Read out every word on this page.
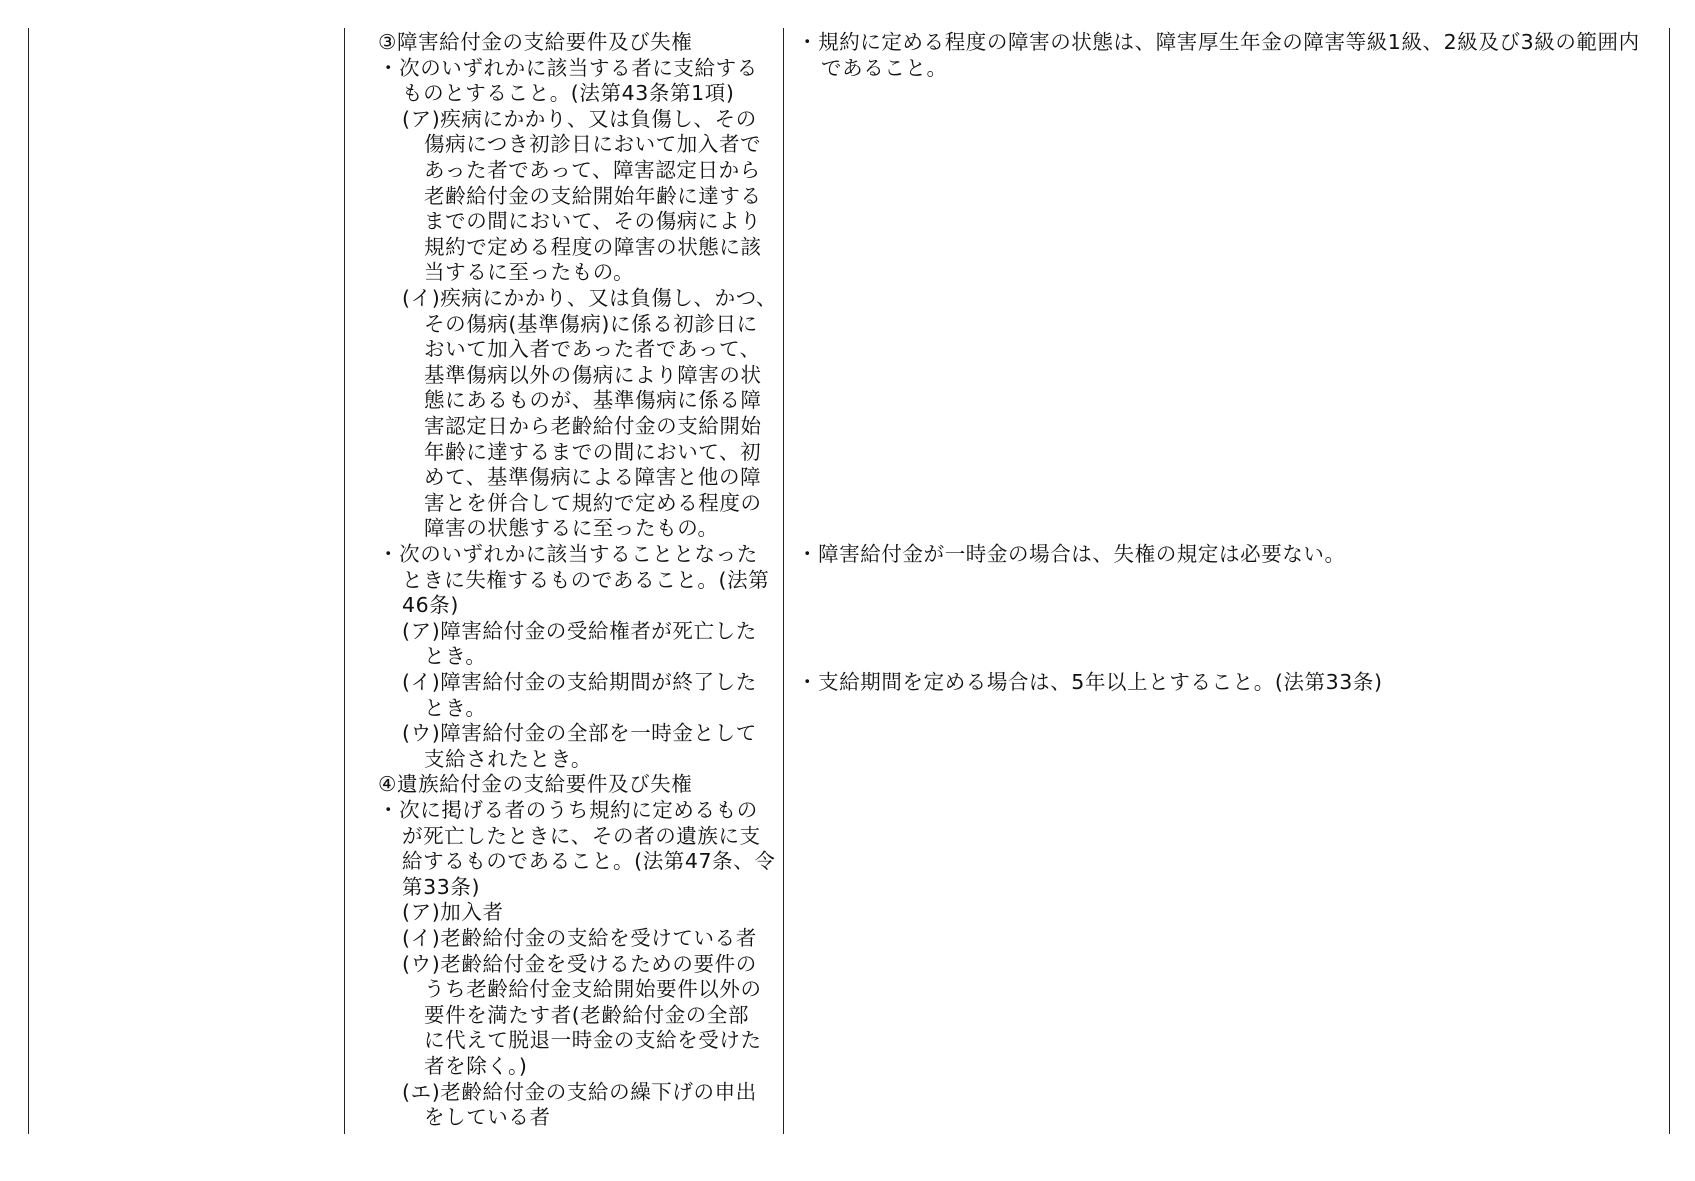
③障害給付金の支給要件及び失権
・次のいずれかに該当する者に支給する
ものとすること。(法第43条第1項)
(ア)疾病にかかり、又は負傷し、その
傷病につき初診日において加入者で
あった者であって、障害認定日から
老齢給付金の支給開始年齢に達する
までの間において、その傷病により
規約で定める程度の障害の状態に該
当するに至ったもの。
(イ)疾病にかかり、又は負傷し、かつ、
その傷病(基準傷病)に係る初診日に
おいて加入者であった者であって、
基準傷病以外の傷病により障害の状
態にあるものが、基準傷病に係る障
害認定日から老齢給付金の支給開始
年齢に達するまでの間において、初
めて、基準傷病による障害と他の障
害とを併合して規約で定める程度の
障害の状態するに至ったもの。
・次のいずれかに該当することとなった
ときに失権するものであること。(法第
46条)
(ア)障害給付金の受給権者が死亡した
とき。
(イ)障害給付金の支給期間が終了した
とき。
(ウ)障害給付金の全部を一時金として
支給されたとき。
④遺族給付金の支給要件及び失権
・次に掲げる者のうち規約に定めるもの
が死亡したときに、その者の遺族に支
給するものであること。(法第47条、令
第33条)
(ア)加入者
(イ)老齢給付金の支給を受けている者
(ウ)老齢給付金を受けるための要件の
うち老齢給付金支給開始要件以外の
要件を満たす者(老齢給付金の全部
に代えて脱退一時金の支給を受けた
者を除く。)
(エ)老齢給付金の支給の繰下げの申出
をしている者
・規約に定める程度の障害の状態は、障害厚生年金の障害等級1級、2級及び3級の範囲内
であること。
・障害給付金が一時金の場合は、失権の規定は必要ない。
・支給期間を定める場合は、5年以上とすること。(法第33条)
